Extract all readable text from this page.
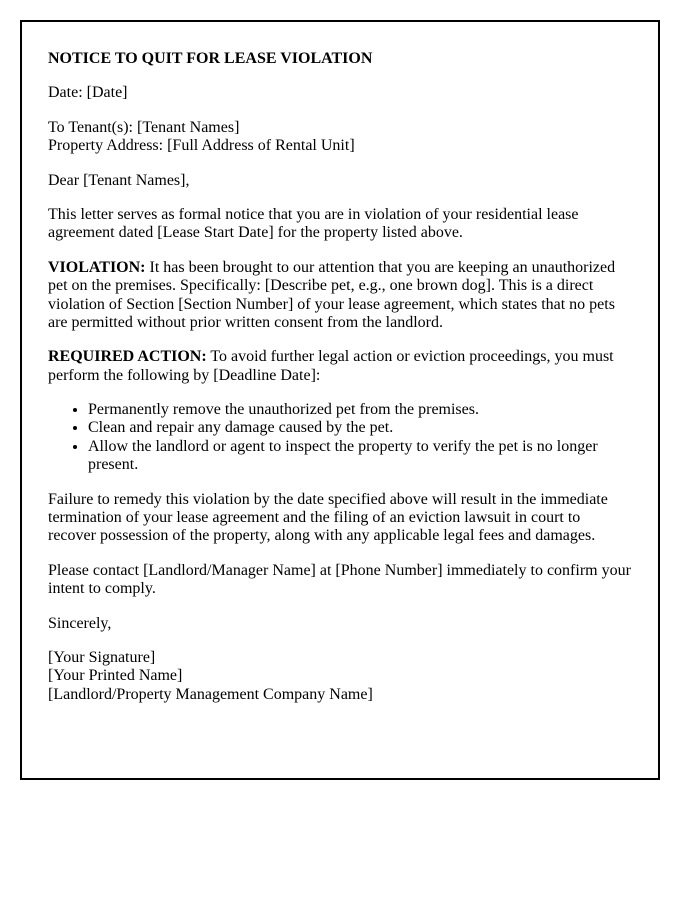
NOTICE TO QUIT FOR LEASE VIOLATION

Date: [Date]

To Tenant(s): [Tenant Names]
Property Address: [Full Address of Rental Unit]

Dear [Tenant Names],

This letter serves as formal notice that you are in violation of your residential lease agreement dated [Lease Start Date] for the property listed above.

VIOLATION: It has been brought to our attention that you are keeping an unauthorized pet on the premises. Specifically: [Describe pet, e.g., one brown dog]. This is a direct violation of Section [Section Number] of your lease agreement, which states that no pets are permitted without prior written consent from the landlord.

REQUIRED ACTION: To avoid further legal action or eviction proceedings, you must perform the following by [Deadline Date]:

• Permanently remove the unauthorized pet from the premises.
• Clean and repair any damage caused by the pet.
• Allow the landlord or agent to inspect the property to verify the pet is no longer present.

Failure to remedy this violation by the date specified above will result in the immediate termination of your lease agreement and the filing of an eviction lawsuit in court to recover possession of the property, along with any applicable legal fees and damages.

Please contact [Landlord/Manager Name] at [Phone Number] immediately to confirm your intent to comply.

Sincerely,

[Your Signature]
[Your Printed Name]
[Landlord/Property Management Company Name]
